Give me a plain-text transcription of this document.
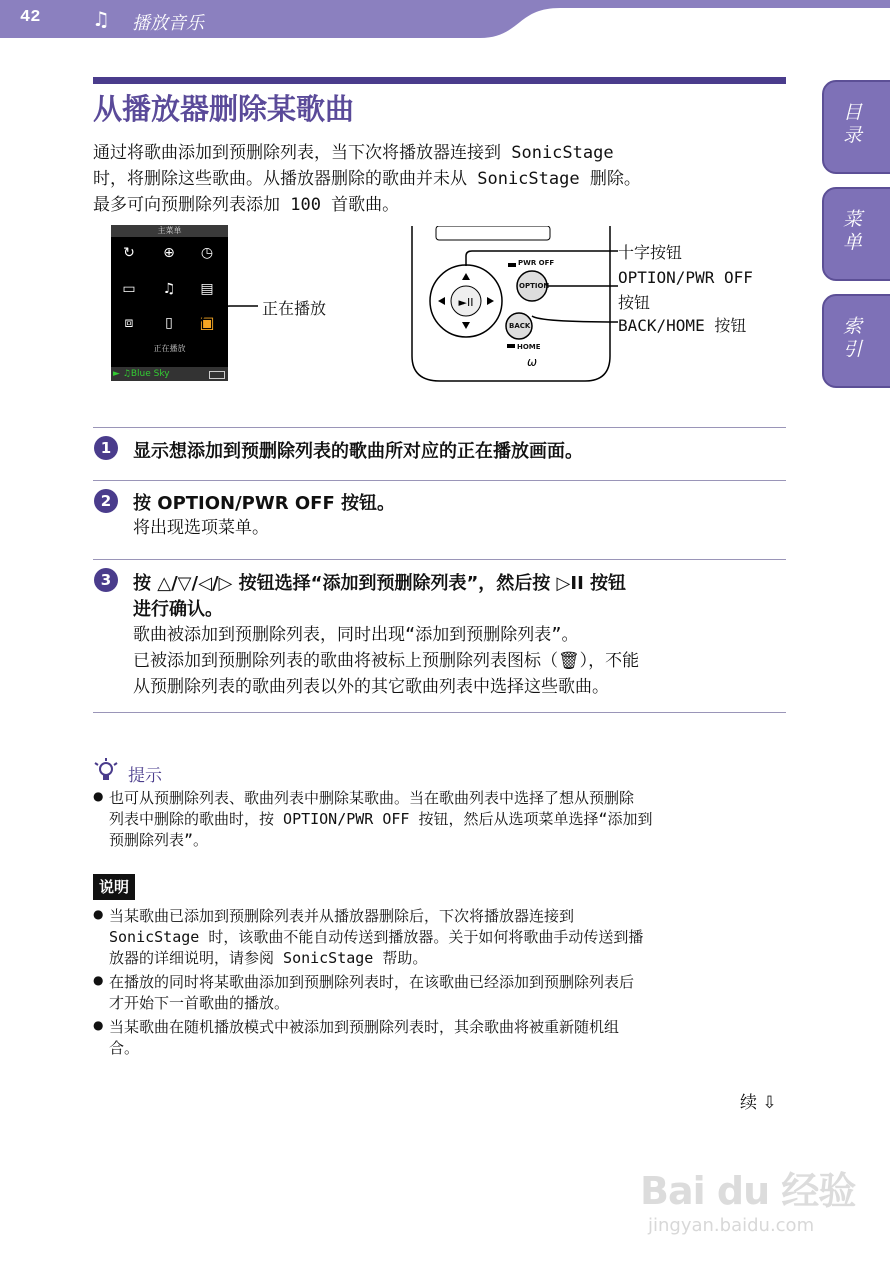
42	♫ 播放音乐
目录
菜单
索引
从播放器删除某歌曲
通过将歌曲添加到预删除列表，当下次将播放器连接到 SonicStage
时，将删除这些歌曲。从播放器删除的歌曲并未从 SonicStage 删除。
最多可向预删除列表添加 100 首歌曲。
主菜单
↻	⊕	◷
▭	♫	▤
⧈	▯	▣
正在播放
► ♫Blue Sky
正在播放	►II
ω
PWR OFF
OPTION
BACK
HOME
十字按钮
OPTION/PWR OFF
按钮
BACK/HOME 按钮
1	显示想添加到预删除列表的歌曲所对应的正在播放画面。
2	按 OPTION/PWR OFF 按钮。
将出现选项菜单。
3	按 △/▽/◁/▷ 按钮选择“添加到预删除列表”，然后按 ▷II 按钮
进行确认。
歌曲被添加到预删除列表，同时出现“添加到预删除列表”。
已被添加到预删除列表的歌曲将被标上预删除列表图标（🗑），不能
从预删除列表的歌曲列表以外的其它歌曲列表中选择这些歌曲。
提示
● 也可从预删除列表、歌曲列表中删除某歌曲。当在歌曲列表中选择了想从预删除
列表中删除的歌曲时，按 OPTION/PWR OFF 按钮，然后从选项菜单选择“添加到
预删除列表”。
说明
● 当某歌曲已添加到预删除列表并从播放器删除后，下次将播放器连接到
SonicStage 时，该歌曲不能自动传送到播放器。关于如何将歌曲手动传送到播
放器的详细说明，请参阅 SonicStage 帮助。
● 在播放的同时将某歌曲添加到预删除列表时，在该歌曲已经添加到预删除列表后
才开始下一首歌曲的播放。
● 当某歌曲在随机播放模式中被添加到预删除列表时，其余歌曲将被重新随机组
合。
续 ⇩
Bai du 经验
jingyan.baidu.com
